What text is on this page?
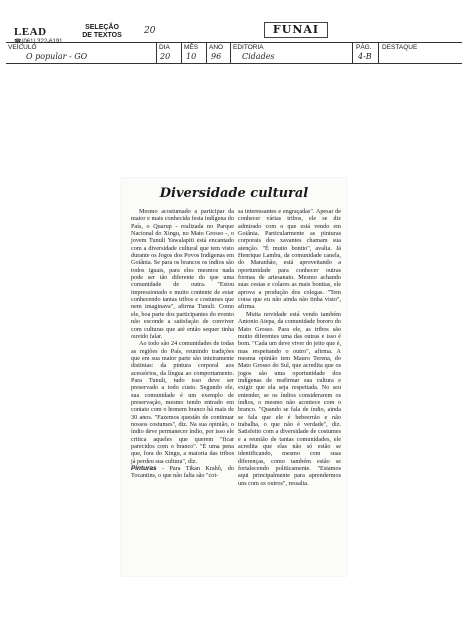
LEAD
☎(061) 322-6191
SELEÇÃO DE TEXTOS 20	FUNAI
VEÍCULO
O popular - GO
DIA
20
MÊS
10
ANO
96
EDITORIA
Cidades
PÁG.
4-B
DESTAQUE
Diversidade cultural

Mesmo acostumado a participar da maior e mais conhecida festa indígena do País, o Quarup - realizada no Parque Nacional do Xingu, no Mato Grosso -, o jovem Tunuli Yawalapiti está encantado com a diversidade cultural que tem visto durante os Jogos dos Povos Indígenas em Goiânia. Se para os brancos os índios são todos iguais, para eles mesmos nada pode ser tão diferente do que uma comunidade de outra. "Estou impressionado e muito contente de estar conhecendo tantas tribos e costumes que nem imaginava", afirma Tunuli. Como ele, boa parte dos participantes do evento não esconde a satisfação de conviver com culturas que até então sequer tinha ouvido falar.

Ao todo são 24 comunidades de todas as regiões do País, reunindo tradições que em sua maior parte são inteiramente distintas: da pintura corporal aos acessórios, da língua ao comportamento. Para Tunuli, tudo isso deve ser preservado a todo custo. Segundo ele, sua comunidade é um exemplo de preservação, mesmo tendo entrado em contato com o homem branco há mais de 30 anos. "Fazemos questão de continuar nossos costumes", diz. Na sua opinião, o índio deve permanecer índio, por isso ele critica aqueles que querem "ficar parecidos com o branco". "É uma pena que, fora do Xingu, a maioria das tribos já perdeu sua cultura", diz.

Pinturas - Para Tikan Krahô, do Tocantins, o que não falta são "coi-

sa interessantes e engraçadas". Apesar de conhecer várias tribos, ele se diz admirado com o que está vendo em Goiânia. Particularmente as pinturas corporais dos xavantes chamam sua atenção. "É muito bonito", avalia. Já Henrique Lambu, da comunidade canela, do Maranhão, está aproveitando a oportunidade para conhecer outras formas de artesanato. Mesmo achando suas cestas e colares as mais bonitas, ele aprova a produção dos colegas. "Tem coisa que eu não ainda não tinha visto", afirma.

Muita novidade está vendo também Antonio Aiepa, da comunidade bororo do Mato Grosso. Para ele, as tribos são muito diferentes uma das outras e isso é bom. "Cada um deve viver do jeito que é, mas respeitando o outro", afirma. A mesma opinião tem Mauro Terena, do Mato Grosso do Sul, que acredita que os jogos são uma oportunidade dos indígenas de reafirmar sua cultura e exigir que ela seja respeitada. No seu entender, se os índios considerarem os índios, o mesmo não acontece com o branco. "Quando se fala de índio, ainda se fala que ele é bebeerrão e não trabalha, o que não é verdade", diz. Satisfeito com a diversidade de costumes e a reunião de tantas comunidades, ele acredita que elas não só estão se identificando, mesmo com suas diferenças, como também estão se fortalecendo politicamente. "Estamos aqui principalmente para aprendermos uns com os outros", ressalta.
